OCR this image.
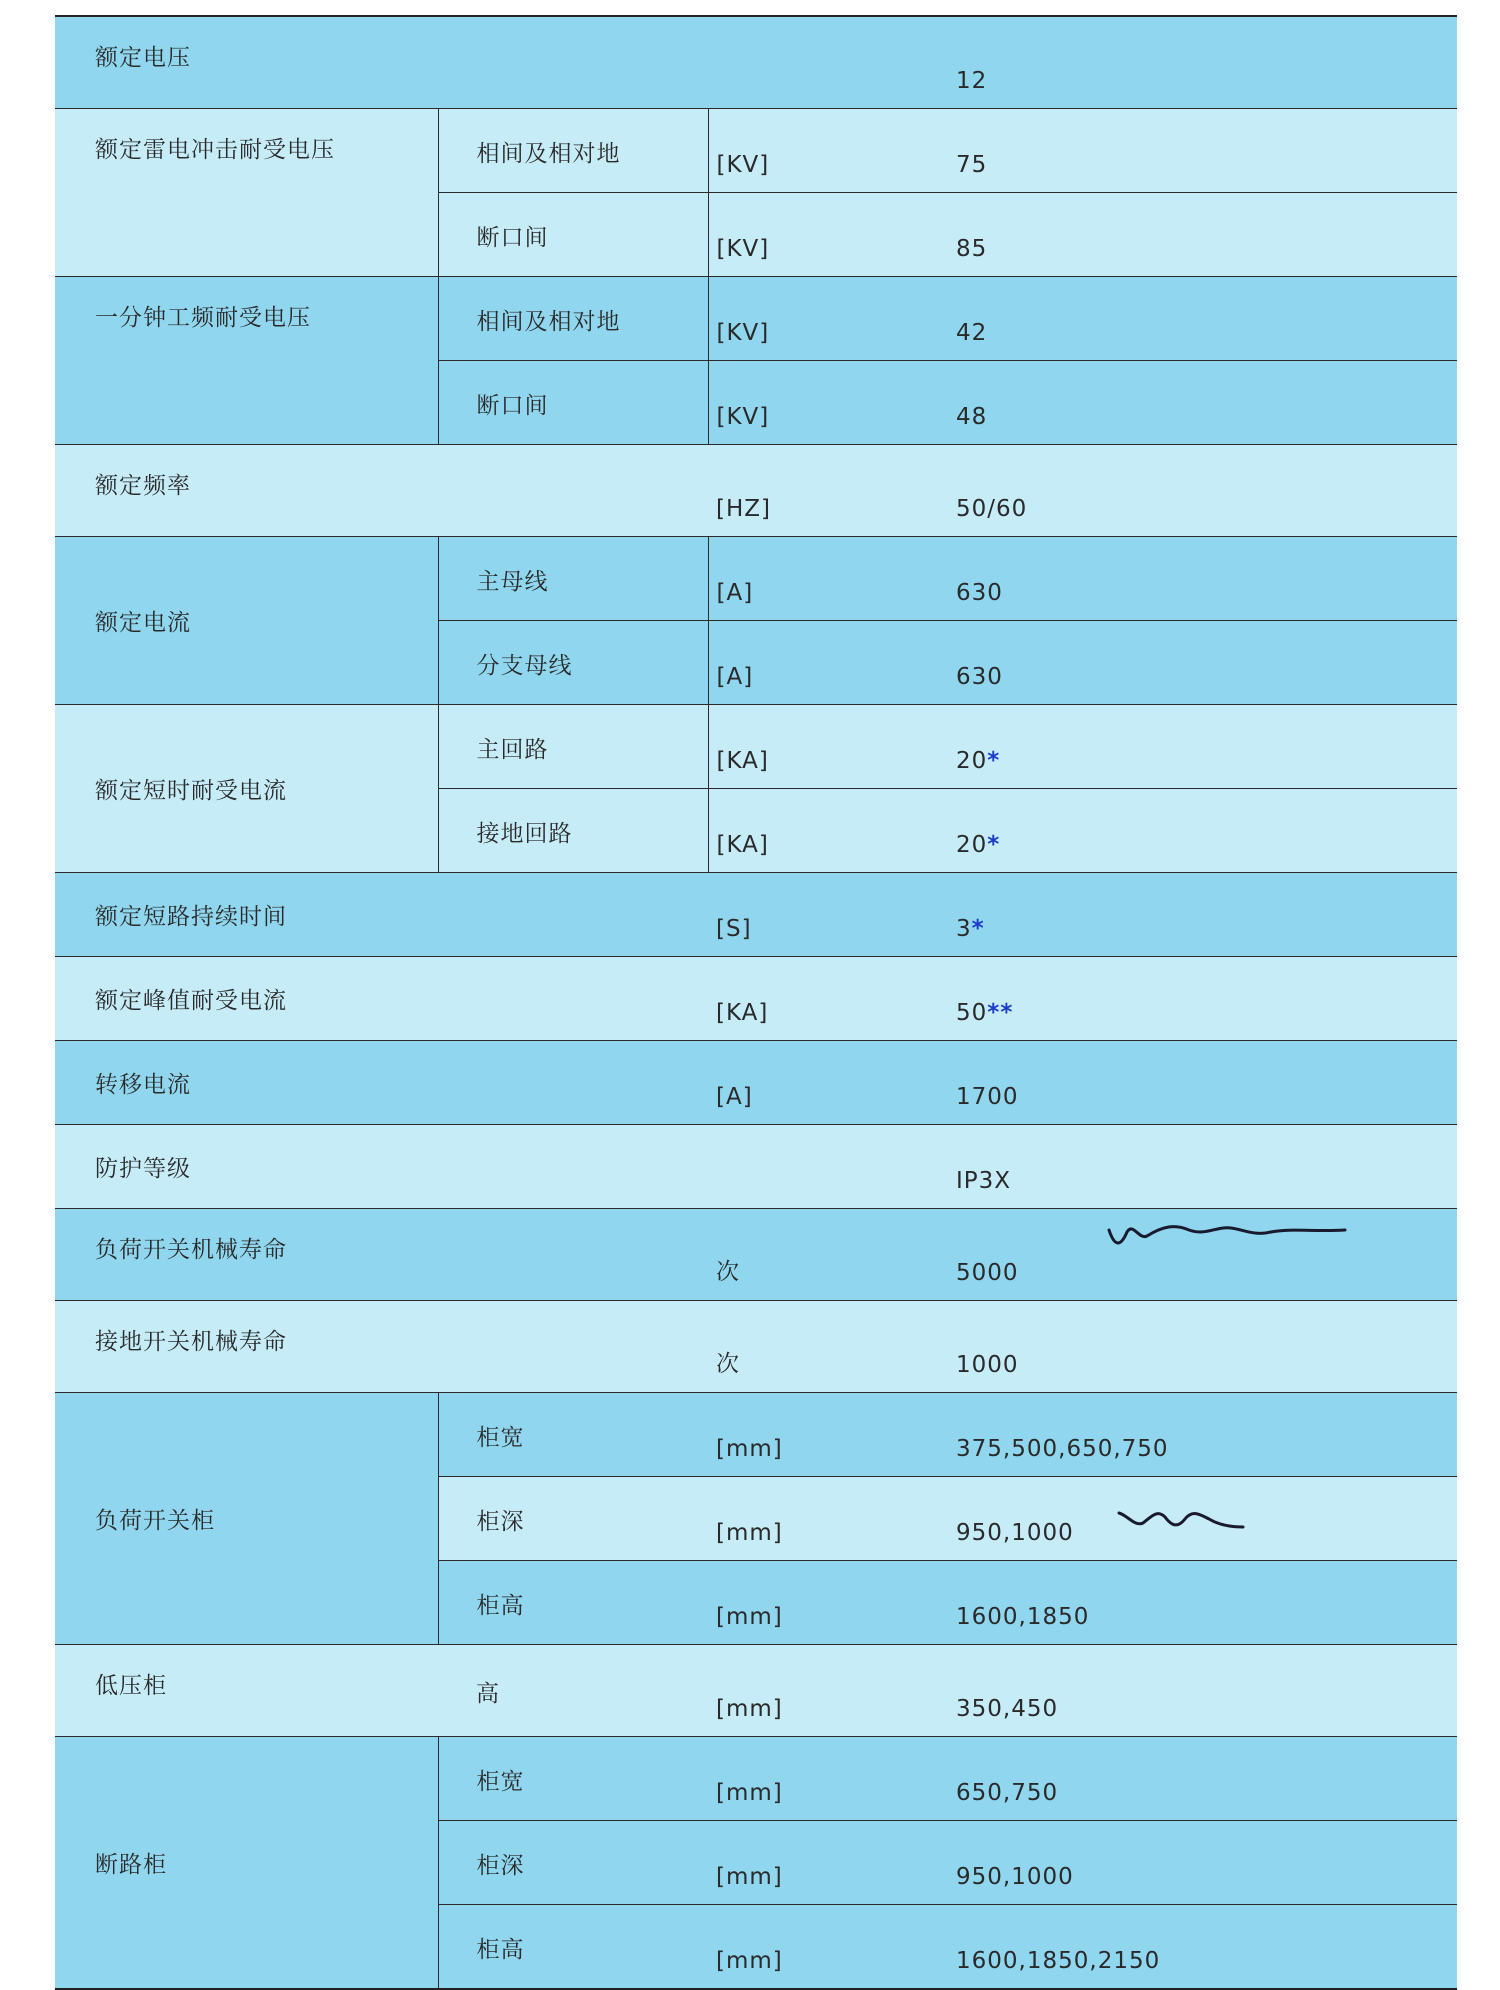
额定电压			12
额定雷电冲击耐受电压	相间及相对地	[KV]	75
	断口间	[KV]	85
一分钟工频耐受电压	相间及相对地	[KV]	42
	断口间	[KV]	48
额定频率		[HZ]	50/60
额定电流	主母线	[A]	630
	分支母线	[A]	630
额定短时耐受电流	主回路	[KA]	20*
	接地回路	[KA]	20*
额定短路持续时间		[S]	3*
额定峰值耐受电流		[KA]	50**
转移电流		[A]	1700
防护等级			IP3X
负荷开关机械寿命		次	5000
接地开关机械寿命		次	1000
负荷开关柜	柜宽	[mm]	375,500,650,750
	柜深	[mm]	950,1000
	柜高	[mm]	1600,1850
低压柜	高	[mm]	350,450
断路柜	柜宽	[mm]	650,750
	柜深	[mm]	950,1000
	柜高	[mm]	1600,1850,2150
